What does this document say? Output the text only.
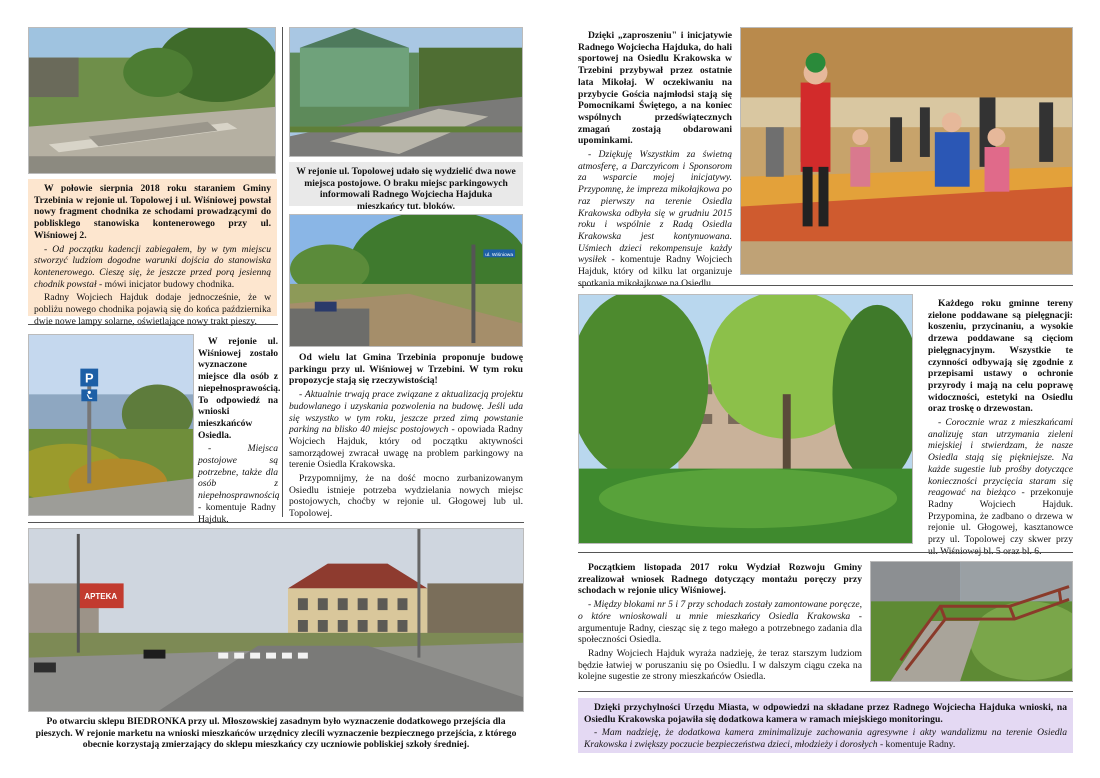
W połowie sierpnia 2018 roku staraniem Gminy Trzebinia w rejonie ul. Topolowej i ul. Wiśniowej powstał nowy fragment chodnika ze schodami prowadzącymi do poblisklego stanowiska kontenerowego przy ul. Wiśniowej 2.

- Od początku kadencji zabiegałem, by w tym miejscu stworzyć ludziom dogodne warunki dojścia do stanowiska kontenerowego. Cieszę się, że jeszcze przed porą jesienną chodnik powstał - mówi inicjator budowy chodnika.

Radny Wojciech Hajduk dodaje jednocześnie, że w pobliżu nowego chodnika pojawią się do końca października dwie nowe lampy solarne, oświetlające nowy trakt pieszy.

W rejonie ul. Topolowej udało się wydzielić dwa nowe miejsca postojowe. O braku miejsc parkingowych informowali Radnego Wojciecha Hajduka mieszkańcy tut. bloków.

ul. Wiśniowa
P

W rejonie ul. Wiśniowej zostało wyznaczone miejsce dla osób z niepełnosprawością. To odpowiedź na wnioski mieszkańców Osiedla.

- Miejsca postojowe są potrzebne, także dla osób z niepełnosprawnością - komentuje Radny Hajduk.

Od wielu lat Gmina Trzebinia proponuje budowę parkingu przy ul. Wiśniowej w Trzebini. W tym roku propozycje stają się rzeczywistością!

- Aktualnie trwają prace związane z aktualizacją projektu budowlanego i uzyskania pozwolenia na budowę. Jeśli uda się wszystko w tym roku, jeszcze przed zimą powstanie parking na blisko 40 miejsc postojowych - opowiada Radny Wojciech Hajduk, który od początku aktywności samorządowej zwracał uwagę na problem parkingowy na terenie Osiedla Krakowska.

Przypomnijmy, że na dość mocno zurbanizowanym Osiedlu istnieje potrzeba wydzielania nowych miejsc postojowych, choćby w rejonie ul. Głogowej lub ul. Topolowej.

APTEKA

Po otwarciu sklepu BIEDRONKA przy ul. Młoszowskiej zasadnym było wyznaczenie dodatkowego przejścia dla pieszych. W rejonie marketu na wnioski mieszkańców urzędnicy zlecili wyznaczenie bezpiecznego przejścia, z którego obecnie korzystają zmierzający do sklepu mieszkańcy czy uczniowie pobliskiej szkoły średniej.

Dzięki „zaproszeniu" i inicjatywie Radnego Wojciecha Hajduka, do hali sportowej na Osiedlu Krakowska w Trzebini przybywał przez ostatnie lata Mikołaj. W oczekiwaniu na przybycie Gościa najmłodsi stają się Pomocnikami Świętego, a na koniec wspólnych przedświątecznych zmagań zostają obdarowani upominkami.

- Dziękuję Wszystkim za świetną atmosferę, a Darczyńcom i Sponsorom za wsparcie mojej inicjatywy. Przypomnę, że impreza mikołajkowa po raz pierwszy na terenie Osiedla Krakowska odbyła się w grudniu 2015 roku i wspólnie z Radą Osiedla Krakowska jest kontynuowana. Uśmiech dzieci rekompensuje każdy wysiłek - komentuje Radny Wojciech Hajduk, który od kilku lat organizuje spotkania mikołajkowe na Osiedlu.

Każdego roku gminne tereny zielone poddawane są pielęgnacji: koszeniu, przycinaniu, a wysokie drzewa poddawane są cięciom pielęgnacyjnym. Wszystkie te czynności odbywają się zgodnie z przepisami ustawy o ochronie przyrody i mają na celu poprawę widoczności, estetyki na Osiedlu oraz troskę o drzewostan.

- Corocznie wraz z mieszkańcami analizuję stan utrzymania zieleni miejskiej i stwierdzam, że nasze Osiedla stają się piękniejsze. Na każde sugestie lub prośby dotyczące konieczności przycięcia staram się reagować na bieżąco - przekonuje Radny Wojciech Hajduk. Przypomina, że zadbano o drzewa w rejonie ul. Głogowej, kasztanowce przy ul. Topolowej czy skwer przy ul. Wiśniowej bl. 5 oraz bl. 6.

Początkiem listopada 2017 roku Wydział Rozwoju Gminy zrealizował wniosek Radnego dotyczący montażu poręczy przy schodach w rejonie ulicy Wiśniowej.

- Między blokami nr 5 i 7 przy schodach zostały zamontowane poręcze, o które wnioskowali u mnie mieszkańcy Osiedla Krakowska - argumentuje Radny, ciesząc się z tego małego a potrzebnego zadania dla społeczności Osiedla.

Radny Wojciech Hajduk wyraża nadzieję, że teraz starszym ludziom będzie łatwiej w poruszaniu się po Osiedlu. I w dalszym ciągu czeka na kolejne sugestie ze strony mieszkańców Osiedla.

Dzięki przychylności Urzędu Miasta, w odpowiedzi na składane przez Radnego Wojciecha Hajduka wnioski, na Osiedlu Krakowska pojawiła się dodatkowa kamera w ramach miejskiego monitoringu.

- Mam nadzieję, że dodatkowa kamera zminimalizuje zachowania agresywne i akty wandalizmu na terenie Osiedla Krakowska i zwiększy poczucie bezpieczeństwa dzieci, młodzieży i dorosłych - komentuje Radny.
